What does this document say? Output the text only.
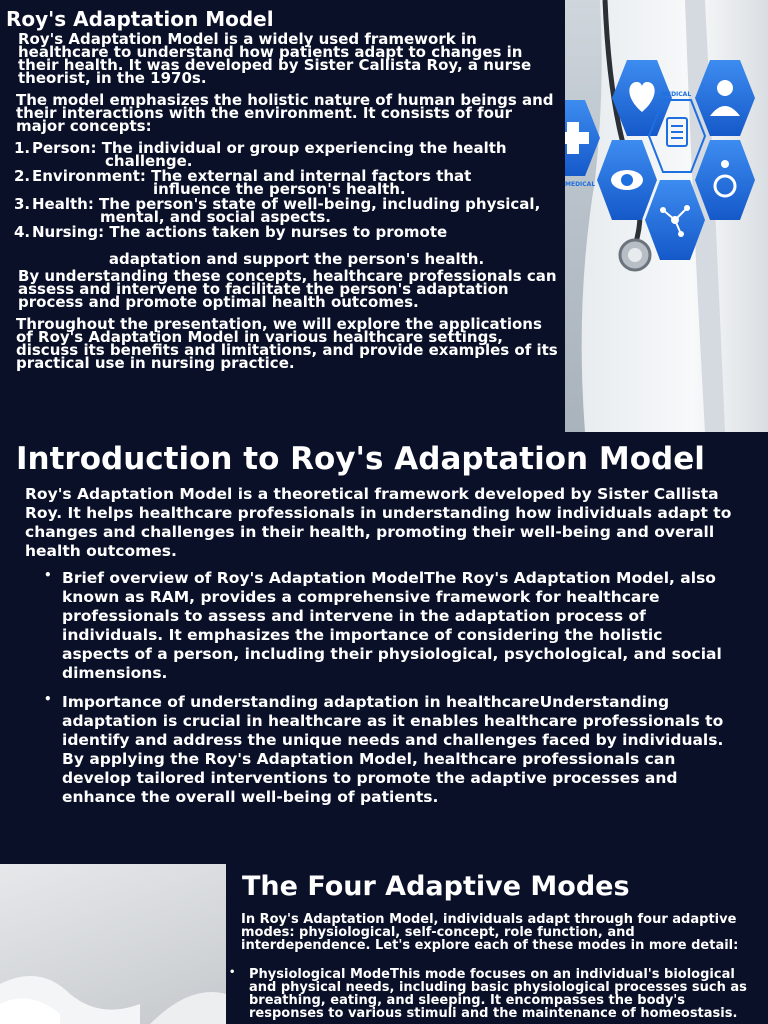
Roy's Adaptation Model

Roy's Adaptation Model is a widely used framework in healthcare to understand how patients adapt to changes in their health. It was developed by Sister Callista Roy, a nurse theorist, in the 1970s.

The model emphasizes the holistic nature of human beings and their interactions with the environment. It consists of four major concepts:

1. Person: The individual or group experiencing the health
challenge.
2. Environment: The external and internal factors that
influence the person's health.
3. Health: The person's state of well-being, including physical,
mental, and social aspects.
4. Nursing: The actions taken by nurses to promote
adaptation and support the person's health.

By understanding these concepts, healthcare professionals can assess and intervene to facilitate the person's adaptation process and promote optimal health outcomes.

Throughout the presentation, we will explore the applications of Roy's Adaptation Model in various healthcare settings, discuss its benefits and limitations, and provide examples of its practical use in nursing practice.

MEDICAL
MEDICAL
Introduction to Roy's Adaptation Model

Roy's Adaptation Model is a theoretical framework developed by Sister Callista Roy. It helps healthcare professionals in understanding how individuals adapt to changes and challenges in their health, promoting their well-being and overall health outcomes.

• Brief overview of Roy's Adaptation ModelThe Roy's Adaptation Model, also known as RAM, provides a comprehensive framework for healthcare professionals to assess and intervene in the adaptation process of individuals. It emphasizes the importance of considering the holistic aspects of a person, including their physiological, psychological, and social dimensions.
• Importance of understanding adaptation in healthcareUnderstanding adaptation is crucial in healthcare as it enables healthcare professionals to identify and address the unique needs and challenges faced by individuals. By applying the Roy's Adaptation Model, healthcare professionals can develop tailored interventions to promote the adaptive processes and enhance the overall well-being of patients.
The Four Adaptive Modes

In Roy's Adaptation Model, individuals adapt through four adaptive modes: physiological, self-concept, role function, and interdependence. Let's explore each of these modes in more detail:

• Physiological ModeThis mode focuses on an individual's biological and physical needs, including basic physiological processes such as breathing, eating, and sleeping. It encompasses the body's responses to various stimuli and the maintenance of homeostasis.
